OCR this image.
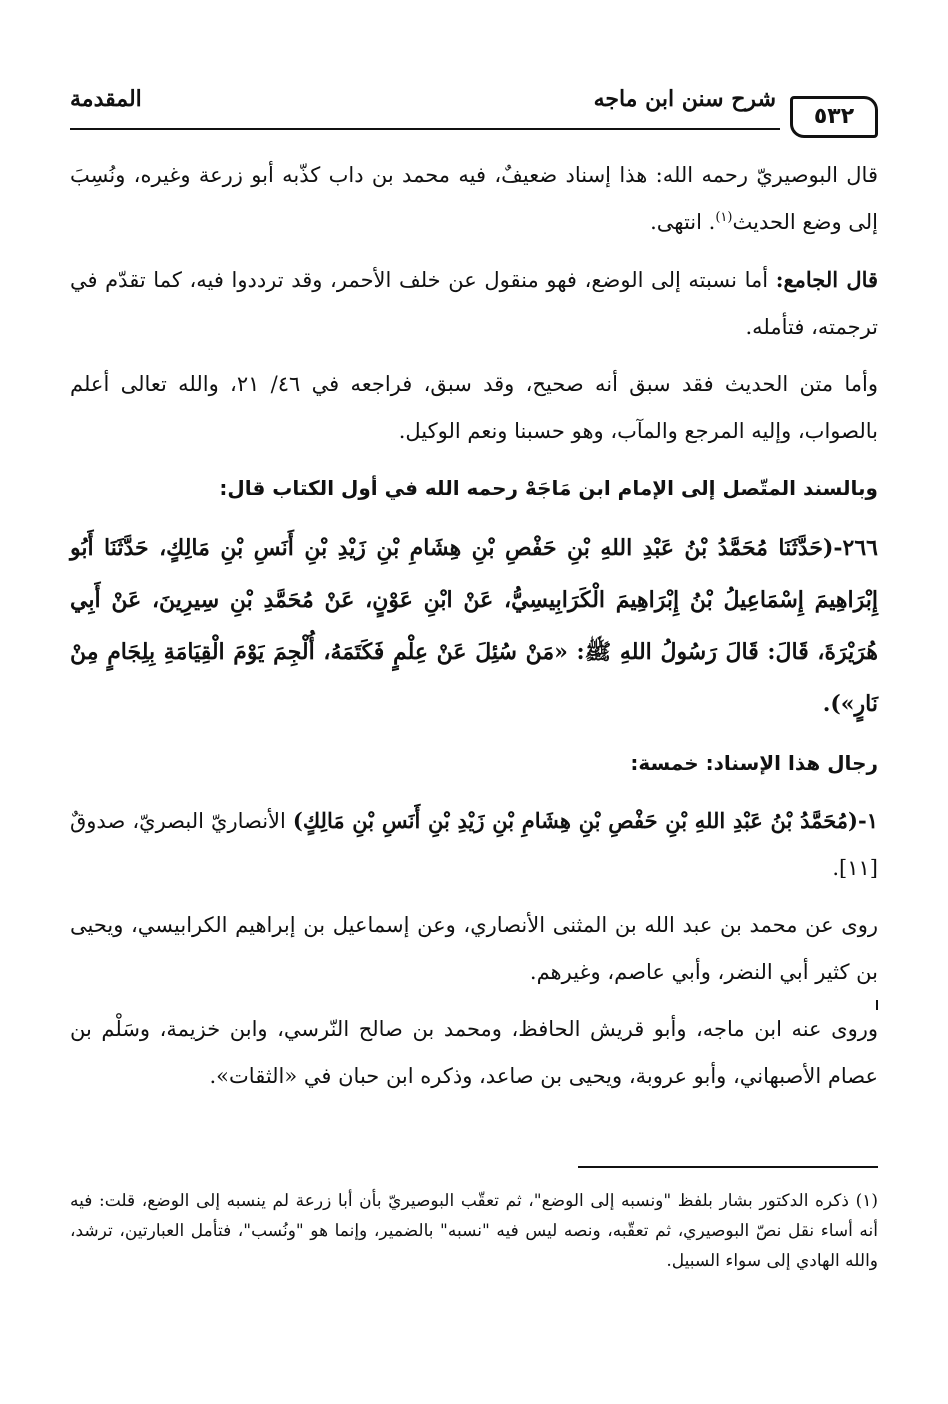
٥٣٢
شرح سنن ابن ماجه
المقدمة

قال البوصيريّ رحمه الله: هذا إسناد ضعيفٌ، فيه محمد بن داب كذّبه أبو زرعة وغيره، ونُسِبَ إلى وضع الحديث$^{(١)}$. انتهى.

قال الجامع: أما نسبته إلى الوضع، فهو منقول عن خلف الأحمر، وقد ترددوا فيه، كما تقدّم في ترجمته، فتأمله.

وأما متن الحديث فقد سبق أنه صحيح، وقد سبق، فراجعه في ٤٦/ ٢١، والله تعالى أعلم بالصواب، وإليه المرجع والمآب، وهو حسبنا ونعم الوكيل.

وبالسند المتّصل إلى الإمام ابن مَاجَهْ رحمه الله في أول الكتاب قال:

٢٦٦-(حَدَّثَنَا مُحَمَّدُ بْنُ عَبْدِ اللهِ بْنِ حَفْصِ بْنِ هِشَامِ بْنِ زَيْدِ بْنِ أَنَسِ بْنِ مَالِكٍ، حَدَّثَنَا أَبُو إِبْرَاهِيمَ إِسْمَاعِيلُ بْنُ إِبْرَاهِيمَ الْكَرَابِيسِيُّ، عَنْ ابْنِ عَوْنٍ، عَنْ مُحَمَّدِ بْنِ سِيرِينَ، عَنْ أَبِي هُرَيْرَةَ، قَالَ: قَالَ رَسُولُ اللهِ ﷺ: «مَنْ سُئِلَ عَنْ عِلْمٍ فَكَتَمَهُ، أُلْجِمَ يَوْمَ الْقِيَامَةِ بِلِجَامٍ مِنْ نَارٍ»).

رجال هذا الإسناد: خمسة:

١-(مُحَمَّدُ بْنُ عَبْدِ اللهِ بْنِ حَفْصِ بْنِ هِشَامِ بْنِ زَيْدِ بْنِ أَنَسِ بْنِ مَالِكٍ) الأنصاريّ البصريّ، صدوقٌ [١١].

روى عن محمد بن عبد الله بن المثنى الأنصاري، وعن إسماعيل بن إبراهيم الكرابيسي، ويحيى بن كثير أبي النضر، وأبي عاصم، وغيرهم.

وروى عنه ابن ماجه، وأبو قريش الحافظ، ومحمد بن صالح النّرسي، وابن خزيمة، وسَلْم بن عصام الأصبهاني، وأبو عروبة، ويحيى بن صاعد، وذكره ابن حبان في «الثقات».

(١) ذكره الدكتور بشار بلفظ "ونسبه إلى الوضع"، ثم تعقّب البوصيريّ بأن أبا زرعة لم ينسبه إلى الوضع، قلت: فيه أنه أساء نقل نصّ البوصيري، ثم تعقّبه، ونصه ليس فيه "نسبه" بالضمير، وإنما هو "ونُسب"، فتأمل العبارتين، ترشد، والله الهادي إلى سواء السبيل.
